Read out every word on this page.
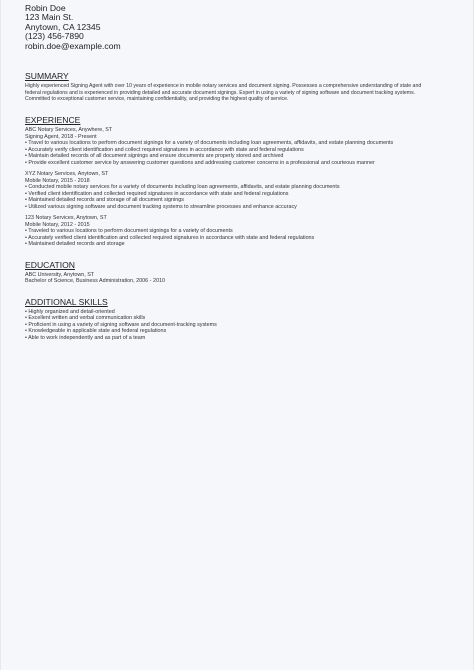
Robin Doe
123 Main St.
Anytown, CA 12345
(123) 456-7890
robin.doe@example.com
SUMMARY
Highly experienced Signing Agent with over 10 years of experience in mobile notary services and document signing. Possesses a comprehensive understanding of state and federal regulations and is experienced in providing detailed and accurate document signings. Expert in using a variety of signing software and document tracking systems. Committed to exceptional customer service, maintaining confidentiality, and providing the highest quality of service.
EXPERIENCE
ABC Notary Services, Anywhere, ST
Signing Agent, 2018 - Present
• Travel to various locations to perform document signings for a variety of documents including loan agreements, affidavits, and estate planning documents
• Accurately verify client identification and collect required signatures in accordance with state and federal regulations
• Maintain detailed records of all document signings and ensure documents are properly stored and archived
• Provide excellent customer service by answering customer questions and addressing customer concerns in a professional and courteous manner
XYZ Notary Services, Anytown, ST
Mobile Notary, 2015 - 2018
• Conducted mobile notary services for a variety of documents including loan agreements, affidavits, and estate planning documents
• Verified client identification and collected required signatures in accordance with state and federal regulations
• Maintained detailed records and storage of all document signings
• Utilized various signing software and document tracking systems to streamline processes and enhance accuracy
123 Notary Services, Anytown, ST
Mobile Notary, 2012 - 2015
• Traveled to various locations to perform document signings for a variety of documents
• Accurately verified client identification and collected required signatures in accordance with state and federal regulations
• Maintained detailed records and storage
EDUCATION
ABC University, Anytown, ST
Bachelor of Science, Business Administration, 2006 - 2010
ADDITIONAL SKILLS
• Highly organized and detail-oriented
• Excellent written and verbal communication skills
• Proficient in using a variety of signing software and document-tracking systems
• Knowledgeable in applicable state and federal regulations
• Able to work independently and as part of a team
